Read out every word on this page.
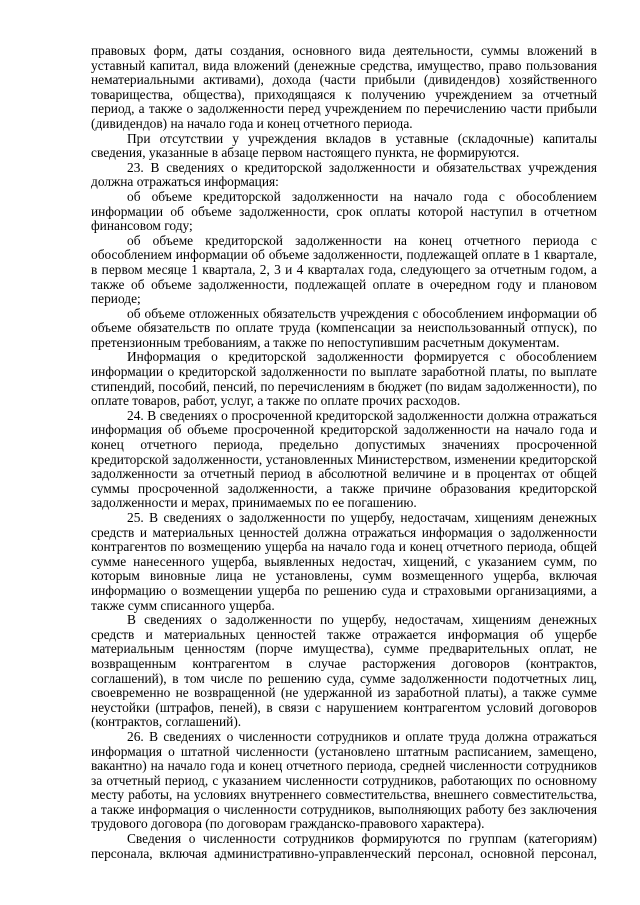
правовых форм, даты создания, основного вида деятельности, суммы вложений в уставный капитал, вида вложений (денежные средства, имущество, право пользования нематериальными активами), дохода (части прибыли (дивидендов) хозяйственного товарищества, общества), приходящаяся к получению учреждением за отчетный период, а также о задолженности перед учреждением по перечислению части прибыли (дивидендов) на начало года и конец отчетного периода.

При отсутствии у учреждения вкладов в уставные (складочные) капиталы сведения, указанные в абзаце первом настоящего пункта, не формируются.

23. В сведениях о кредиторской задолженности и обязательствах учреждения должна отражаться информация:

об объеме кредиторской задолженности на начало года с обособлением информации об объеме задолженности, срок оплаты которой наступил в отчетном финансовом году;

об объеме кредиторской задолженности на конец отчетного периода с обособлением информации об объеме задолженности, подлежащей оплате в 1 квартале, в первом месяце 1 квартала, 2, 3 и 4 кварталах года, следующего за отчетным годом, а также об объеме задолженности, подлежащей оплате в очередном году и плановом периоде;

об объеме отложенных обязательств учреждения с обособлением информации об объеме обязательств по оплате труда (компенсации за неиспользованный отпуск), по претензионным требованиям, а также по непоступившим расчетным документам.

Информация о кредиторской задолженности формируется с обособлением информации о кредиторской задолженности по выплате заработной платы, по выплате стипендий, пособий, пенсий, по перечислениям в бюджет (по видам задолженности), по оплате товаров, работ, услуг, а также по оплате прочих расходов.

24. В сведениях о просроченной кредиторской задолженности должна отражаться информация об объеме просроченной кредиторской задолженности на начало года и конец отчетного периода, предельно допустимых значениях просроченной кредиторской задолженности, установленных Министерством, изменении кредиторской задолженности за отчетный период в абсолютной величине и в процентах от общей суммы просроченной задолженности, а также причине образования кредиторской задолженности и мерах, принимаемых по ее погашению.

25. В сведениях о задолженности по ущербу, недостачам, хищениям денежных средств и материальных ценностей должна отражаться информация о задолженности контрагентов по возмещению ущерба на начало года и конец отчетного периода, общей сумме нанесенного ущерба, выявленных недостач, хищений, с указанием сумм, по которым виновные лица не установлены, сумм возмещенного ущерба, включая информацию о возмещении ущерба по решению суда и страховыми организациями, а также сумм списанного ущерба.

В сведениях о задолженности по ущербу, недостачам, хищениям денежных средств и материальных ценностей также отражается информация об ущербе материальным ценностям (порче имущества), сумме предварительных оплат, не возвращенным контрагентом в случае расторжения договоров (контрактов, соглашений), в том числе по решению суда, сумме задолженности подотчетных лиц, своевременно не возвращенной (не удержанной из заработной платы), а также сумме неустойки (штрафов, пеней), в связи с нарушением контрагентом условий договоров (контрактов, соглашений).

26. В сведениях о численности сотрудников и оплате труда должна отражаться информация о штатной численности (установлено штатным расписанием, замещено, вакантно) на начало года и конец отчетного периода, средней численности сотрудников за отчетный период, с указанием численности сотрудников, работающих по основному месту работы, на условиях внутреннего совместительства, внешнего совместительства, а также информация о численности сотрудников, выполняющих работу без заключения трудового договора (по договорам гражданско-правового характера).

Сведения о численности сотрудников формируются по группам (категориям) персонала, включая административно-управленческий персонал, основной персонал,
